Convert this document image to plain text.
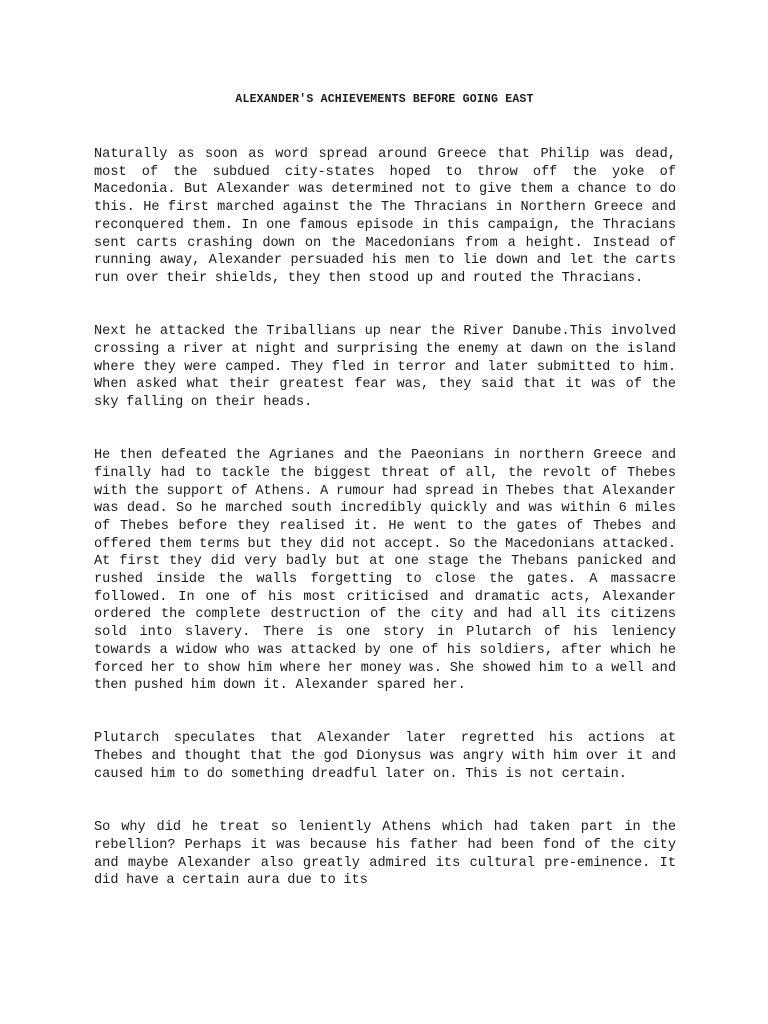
ALEXANDER'S ACHIEVEMENTS BEFORE GOING EAST

Naturally as soon as word spread around Greece that Philip was dead, most of the subdued city-states hoped to throw off the yoke of Macedonia. But Alexander was determined not to give them a chance to do this. He first marched against the The Thracians in Northern Greece and reconquered them. In one famous episode in this campaign, the Thracians sent carts crashing down on the Macedonians from a height. Instead of running away, Alexander persuaded his men to lie down and let the carts run over their shields, they then stood up and routed the Thracians.

Next he attacked the Triballians up near the River Danube.This involved crossing a river at night and surprising the enemy at dawn on the island where they were camped. They fled in terror and later submitted to him. When asked what their greatest fear was, they said that it was of the sky falling on their heads.

He then defeated the Agrianes and the Paeonians in northern Greece and finally had to tackle the biggest threat of all, the revolt of Thebes with the support of Athens. A rumour had spread in Thebes that Alexander was dead. So he marched south incredibly quickly and was within 6 miles of Thebes before they realised it. He went to the gates of Thebes and offered them terms but they did not accept. So the Macedonians attacked. At first they did very badly but at one stage the Thebans panicked and rushed inside the walls forgetting to close the gates. A massacre followed. In one of his most criticised and dramatic acts, Alexander ordered the complete destruction of the city and had all its citizens sold into slavery. There is one story in Plutarch of his leniency towards a widow who was attacked by one of his soldiers, after which he forced her to show him where her money was. She showed him to a well and then pushed him down it. Alexander spared her.

Plutarch speculates that Alexander later regretted his actions at Thebes and thought that the god Dionysus was angry with him over it and caused him to do something dreadful later on. This is not certain.

So why did he treat so leniently Athens which had taken part in the rebellion? Perhaps it was because his father had been fond of the city and maybe Alexander also greatly admired its cultural pre-eminence. It did have a certain aura due to its
